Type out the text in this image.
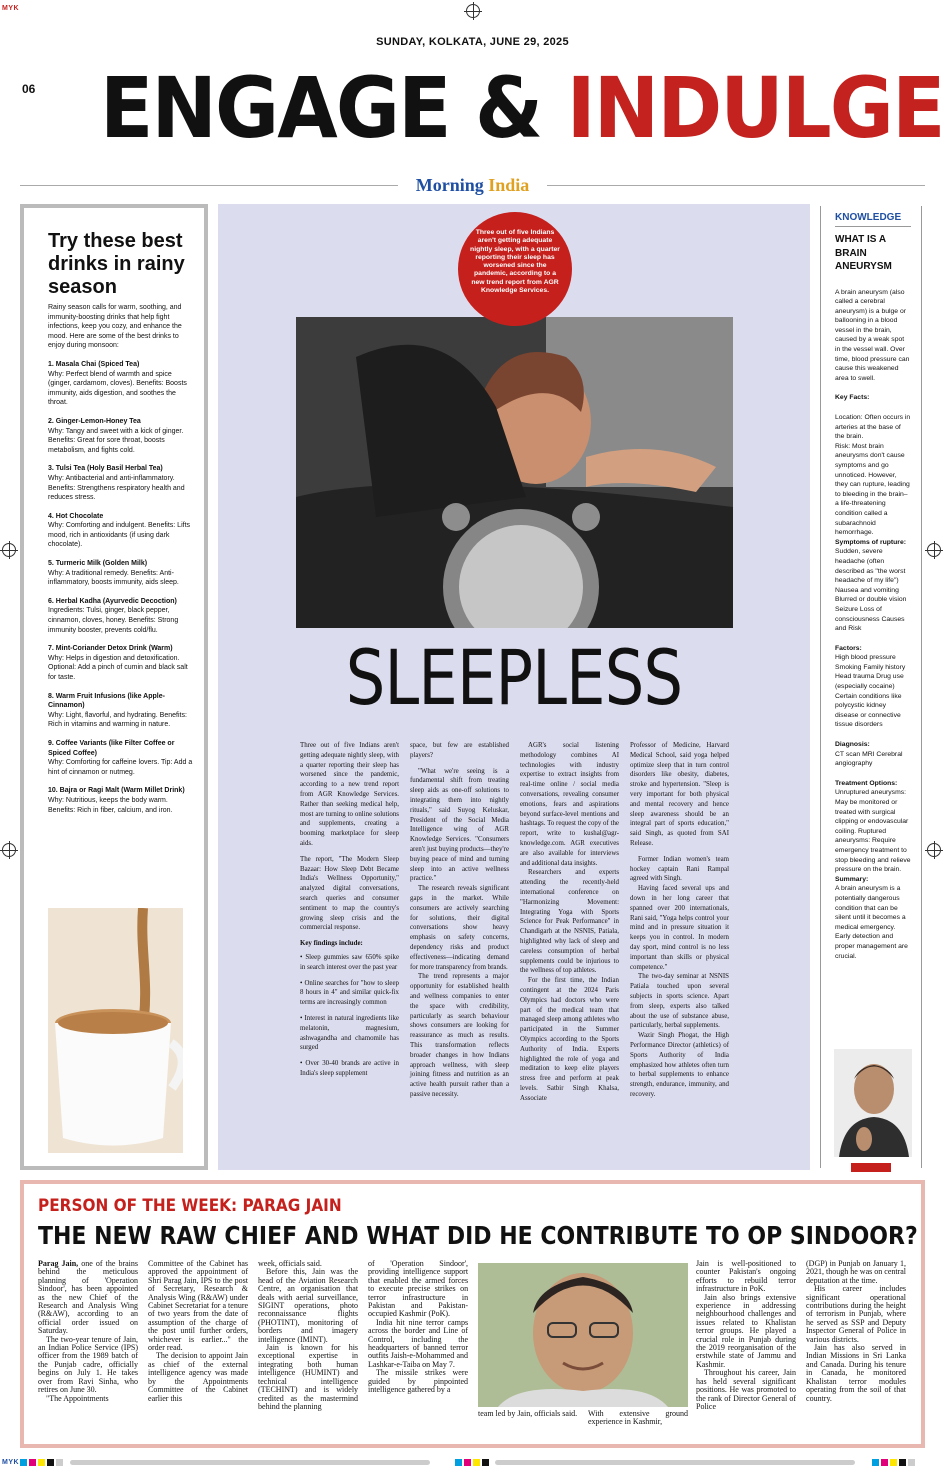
MYK
SUNDAY, KOLKATA, JUNE 29, 2025
06 ENGAGE & INDULGE
Morning India
Try these best drinks in rainy season

Rainy season calls for warm, soothing, and immunity-boosting drinks that help fight infections, keep you cozy, and enhance the mood. Here are some of the best drinks to enjoy during monsoon:

1. Masala Chai (Spiced Tea)

Why: Perfect blend of warmth and spice (ginger, cardamom, cloves). Benefits: Boosts immunity, aids digestion, and soothes the throat.

2. Ginger-Lemon-Honey Tea

Why: Tangy and sweet with a kick of ginger. Benefits: Great for sore throat, boosts metabolism, and fights cold.

3. Tulsi Tea (Holy Basil Herbal Tea)

Why: Antibacterial and anti-inflammatory. Benefits: Strengthens respiratory health and reduces stress.

4. Hot Chocolate

Why: Comforting and indulgent. Benefits: Lifts mood, rich in antioxidants (if using dark chocolate).

5. Turmeric Milk (Golden Milk)

Why: A traditional remedy. Benefits: Anti-inflammatory, boosts immunity, aids sleep.

6. Herbal Kadha (Ayurvedic Decoction)

Ingredients: Tulsi, ginger, black pepper, cinnamon, cloves, honey. Benefits: Strong immunity booster, prevents cold/flu.

7. Mint-Coriander Detox Drink (Warm)

Why: Helps in digestion and detoxification. Optional: Add a pinch of cumin and black salt for taste.

8. Warm Fruit Infusions (like Apple-Cinnamon)

Why: Light, flavorful, and hydrating. Benefits: Rich in vitamins and warming in nature.

9. Coffee Variants (like Filter Coffee or Spiced Coffee)

Why: Comforting for caffeine lovers. Tip: Add a hint of cinnamon or nutmeg.

10. Bajra or Ragi Malt (Warm Millet Drink)

Why: Nutritious, keeps the body warm. Benefits: Rich in fiber, calcium, and iron.

Three out of five Indians aren't getting adequate nightly sleep, with a quarter reporting their sleep has worsened since the pandemic, according to a new trend report from AGR Knowledge Services.
SLEEPLESS

Three out of five Indians aren't getting adequate nightly sleep, with a quarter reporting their sleep has worsened since the pandemic, according to a new trend report from AGR Knowledge Services. Rather than seeking medical help, most are turning to online solutions and supplements, creating a booming marketplace for sleep aids.

The report, "The Modern Sleep Bazaar: How Sleep Debt Became India's Wellness Opportunity," analyzed digital conversations, search queries and consumer sentiment to map the country's growing sleep crisis and the commercial response.

Key findings include:

• Sleep gummies saw 650% spike in search interest over the past year

• Online searches for "how to sleep 8 hours in 4" and similar quick-fix terms are increasingly common

• Interest in natural ingredients like melatonin, magnesium, ashwagandha and chamomile has surged

• Over 30-40 brands are active in India's sleep supplement

space, but few are established players?

"What we're seeing is a fundamental shift from treating sleep aids as one-off solutions to integrating them into nightly rituals," said Suyog Keluskar, President of the Social Media Intelligence wing of AGR Knowledge Services. "Consumers aren't just buying products—they're buying peace of mind and turning sleep into an active wellness practice."

The research reveals significant gaps in the market. While consumers are actively searching for solutions, their digital conversations show heavy emphasis on safety concerns, dependency risks and product effectiveness—indicating demand for more transparency from brands.

The trend represents a major opportunity for established health and wellness companies to enter the space with credibility, particularly as search behaviour shows consumers are looking for reassurance as much as results. This transformation reflects broader changes in how Indians approach wellness, with sleep joining fitness and nutrition as an active health pursuit rather than a passive necessity.

AGR's social listening methodology combines AI technologies with industry expertise to extract insights from real-time online / social media conversations, revealing consumer emotions, fears and aspirations beyond surface-level mentions and hashtags. To request the copy of the report, write to kushal@agr-knowledge.com. AGR executives are also available for interviews and additional data insights.

Researchers and experts attending the recently-held international conference on "Harmonizing Movement: Integrating Yoga with Sports Science for Peak Performance" in Chandigarh at the NSNIS, Patiala, highlighted why lack of sleep and careless consumption of herbal supplements could be injurious to the wellness of top athletes.

For the first time, the Indian contingent at the 2024 Paris Olympics had doctors who were part of the medical team that managed sleep among athletes who participated in the Summer Olympics according to the Sports Authority of India. Experts highlighted the role of yoga and meditation to keep elite players stress free and perform at peak levels. Satbir Singh Khalsa, Associate

Professor of Medicine, Harvard Medical School, said yoga helped optimize sleep that in turn control disorders like obesity, diabetes, stroke and hypertension. "Sleep is very important for both physical and mental recovery and hence sleep awareness should be an integral part of sports education," said Singh, as quoted from SAI Release.

Former Indian women's team hockey captain Rani Rampal agreed with Singh.

Having faced several ups and down in her long career that spanned over 200 internationals, Rani said, "Yoga helps control your mind and in pressure situation it keeps you in control. In modern day sport, mind control is no less important than skills or physical competence."

The two-day seminar at NSNIS Patiala touched upon several subjects in sports science. Apart from sleep, experts also talked about the use of substance abuse, particularly, herbal supplements.

Wazir Singh Phogat, the High Performance Director (athletics) of Sports Authority of India emphasized how athletes often turn to herbal supplements to enhance strength, endurance, immunity, and recovery.

KNOWLEDGE
WHAT IS A BRAIN ANEURYSM

A brain aneurysm (also called a cerebral aneurysm) is a bulge or ballooning in a blood vessel in the brain, caused by a weak spot in the vessel wall. Over time, blood pressure can cause this weakened area to swell.

Key Facts:

Location: Often occurs in arteries at the base of the brain.

Risk: Most brain aneurysms don't cause symptoms and go unnoticed. However, they can rupture, leading to bleeding in the brain–a life-threatening condition called a subarachnoid hemorrhage.

Symptoms of rupture:

Sudden, severe headache (often described as "the worst headache of my life") Nausea and vomiting Blurred or double vision Seizure Loss of consciousness Causes and Risk

Factors:

High blood pressure Smoking Family history Head trauma Drug use (especially cocaine) Certain conditions like polycystic kidney disease or connective tissue disorders

Diagnosis:

CT scan MRI Cerebral angiography

Treatment Options:

Unruptured aneurysms: May be monitored or treated with surgical clipping or endovascular coiling. Ruptured aneurysms: Require emergency treatment to stop bleeding and relieve pressure on the brain.

Summary:

A brain aneurysm is a potentially dangerous condition that can be silent until it becomes a medical emergency. Early detection and proper management are crucial.

PERSON OF THE WEEK: PARAG JAIN
THE NEW RAW CHIEF AND WHAT DID HE CONTRIBUTE TO OP SINDOOR?

Parag Jain, one of the brains behind the meticulous planning of 'Operation Sindoor', has been appointed as the new Chief of the Research and Analysis Wing (R&AW), according to an official order issued on Saturday.

The two-year tenure of Jain, an Indian Police Service (IPS) officer from the 1989 batch of the Punjab cadre, officially begins on July 1. He takes over from Ravi Sinha, who retires on June 30.

"The Appointments

Committee of the Cabinet has approved the appointment of Shri Parag Jain, IPS to the post of Secretary, Research & Analysis Wing (R&AW) under Cabinet Secretariat for a tenure of two years from the date of assumption of the charge of the post until further orders, whichever is earlier..." the order read.

The decision to appoint Jain as chief of the external intelligence agency was made by the Appointments Committee of the Cabinet earlier this

week, officials said.

Before this, Jain was the head of the Aviation Research Centre, an organisation that deals with aerial surveillance, SIGINT operations, photo reconnaissance flights (PHOTINT), monitoring of borders and imagery intelligence (IMINT).

Jain is known for his exceptional expertise in integrating both human intelligence (HUMINT) and technical intelligence (TECHINT) and is widely credited as the mastermind behind the planning

of 'Operation Sindoor', providing intelligence support that enabled the armed forces to execute precise strikes on terror infrastructure in Pakistan and Pakistan-occupied Kashmir (PoK).

India hit nine terror camps across the border and Line of Control, including the headquarters of banned terror outfits Jaish-e-Mohammed and Lashkar-e-Taiba on May 7.

The missile strikes were guided by pinpointed intelligence gathered by a

Jain is well-positioned to counter Pakistan's ongoing efforts to rebuild terror infrastructure in PoK.

Jain also brings extensive experience in addressing neighbourhood challenges and issues related to Khalistan terror groups. He played a crucial role in Punjab during the 2019 reorganisation of the erstwhile state of Jammu and Kashmir.

Throughout his career, Jain has held several significant positions. He was promoted to the rank of Director General of Police

(DGP) in Punjab on January 1, 2021, though he was on central deputation at the time.

His career includes significant operational contributions during the height of terrorism in Punjab, where he served as SSP and Deputy Inspector General of Police in various districts.

Jain has also served in Indian Missions in Sri Lanka and Canada. During his tenure in Canada, he monitored Khalistan terror modules operating from the soil of that country.

team led by Jain, officials said. With extensive ground experience in Kashmir,
MYK
